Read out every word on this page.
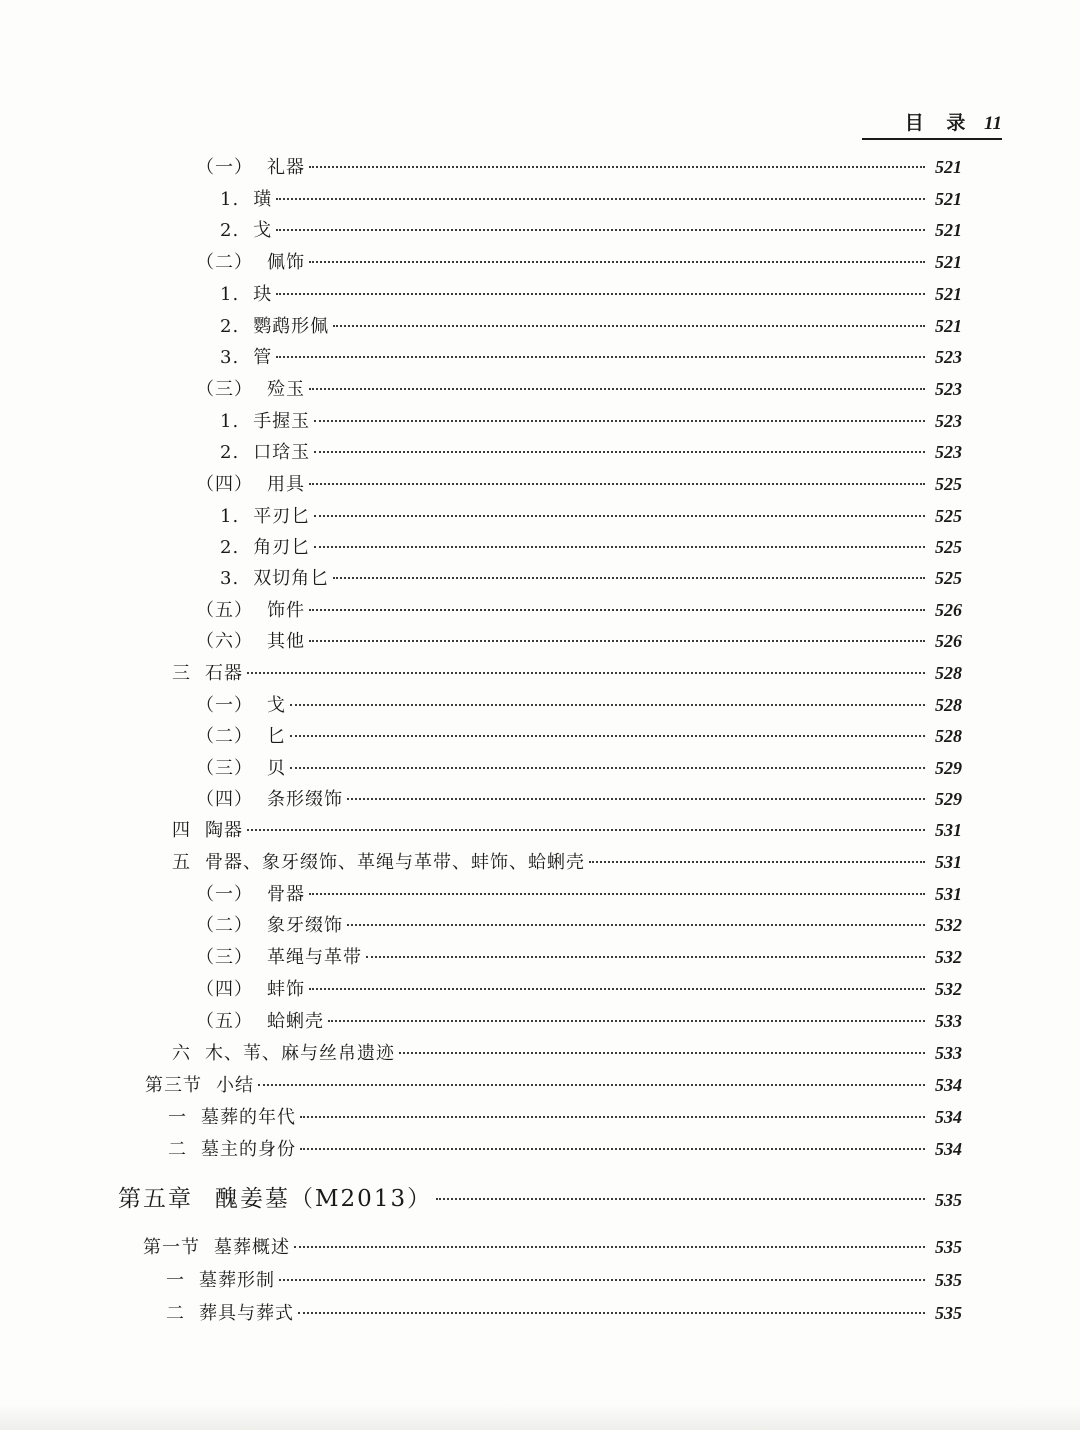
目 录 11
（一） 礼器	521
1. 璜	521
2. 戈	521
（二） 佩饰	521
1. 玦	521
2. 鹦鹉形佩	521
3. 管	523
（三） 殓玉	523
1. 手握玉	523
2. 口琀玉	523
（四） 用具	525
1. 平刃匕	525
2. 角刃匕	525
3. 双切角匕	525
（五） 饰件	526
（六） 其他	526
三 石器	528
（一） 戈	528
（二） 匕	528
（三） 贝	529
（四） 条形缀饰	529
四 陶器	531
五 骨器、象牙缀饰、革绳与革带、蚌饰、蛤蜊壳	531
（一） 骨器	531
（二） 象牙缀饰	532
（三） 革绳与革带	532
（四） 蚌饰	532
（五） 蛤蜊壳	533
六 木、苇、麻与丝帛遗迹	533
第三节 小结	534
一 墓葬的年代	534
二 墓主的身份	534
第五章 醜姜墓（M2013）	535
第一节 墓葬概述	535
一 墓葬形制	535
二 葬具与葬式	535
